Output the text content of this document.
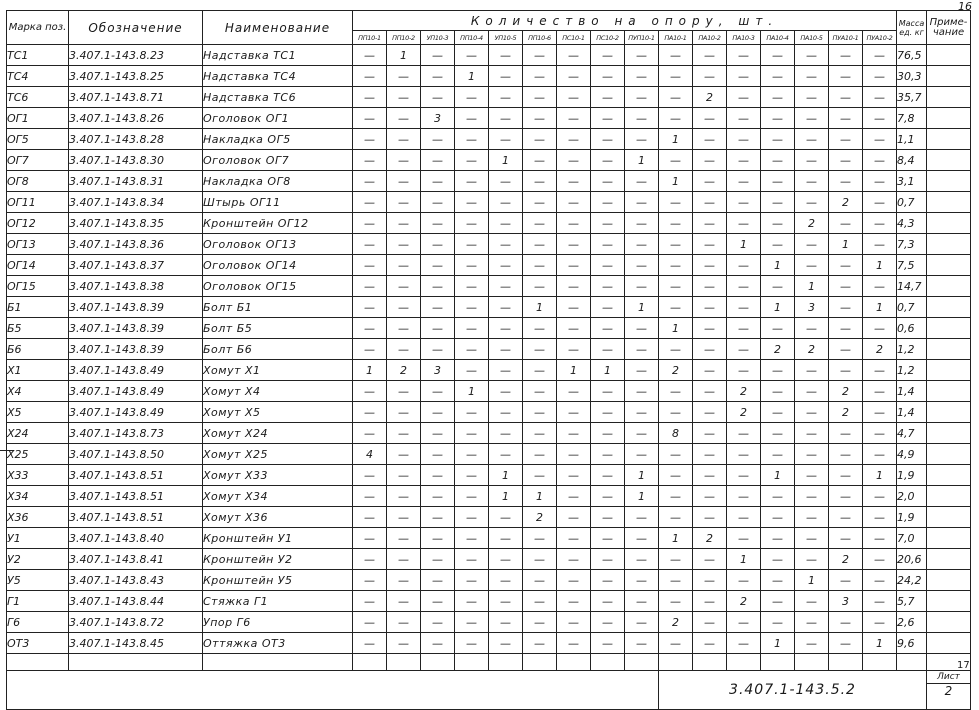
16
Марка поз.	Обозначение	Наименование	Количество на опору, шт.																Масса ед. кг	Приме- чание
			ПП10-1	ПП10-2	УП10-3	ПП10-4	УП10-5	ПП10-6	ПС10-1	ПС10-2	ПУП10-1	ПА10-1	ПА10-2	ПА10-3	ПА10-4	ПА10-5	ПУА10-1	ПУА10-2		
ТС1	3.407.1-143.8.23	Надставка ТС1	—	1	—	—	—	—	—	—	—	—	—	—	—	—	—	—	76,5	
ТС4	3.407.1-143.8.25	Надставка ТС4	—	—	—	1	—	—	—	—	—	—	—	—	—	—	—	—	30,3	
ТС6	3.407.1-143.8.71	Надставка ТС6	—	—	—	—	—	—	—	—	—	—	2	—	—	—	—	—	35,7	
ОГ1	3.407.1-143.8.26	Оголовок ОГ1	—	—	3	—	—	—	—	—	—	—	—	—	—	—	—	—	7,8	
ОГ5	3.407.1-143.8.28	Накладка ОГ5	—	—	—	—	—	—	—	—	—	1	—	—	—	—	—	—	1,1	
ОГ7	3.407.1-143.8.30	Оголовок ОГ7	—	—	—	—	1	—	—	—	1	—	—	—	—	—	—	—	8,4	
ОГ8	3.407.1-143.8.31	Накладка ОГ8	—	—	—	—	—	—	—	—	—	1	—	—	—	—	—	—	3,1	
ОГ11	3.407.1-143.8.34	Штырь ОГ11	—	—	—	—	—	—	—	—	—	—	—	—	—	—	2	—	0,7	
ОГ12	3.407.1-143.8.35	Кронштейн ОГ12	—	—	—	—	—	—	—	—	—	—	—	—	—	2	—	—	4,3	
ОГ13	3.407.1-143.8.36	Оголовок ОГ13	—	—	—	—	—	—	—	—	—	—	—	1	—	—	1	—	7,3	
ОГ14	3.407.1-143.8.37	Оголовок ОГ14	—	—	—	—	—	—	—	—	—	—	—	—	1	—	—	1	7,5	
ОГ15	3.407.1-143.8.38	Оголовок ОГ15	—	—	—	—	—	—	—	—	—	—	—	—	—	1	—	—	14,7	
Б1	3.407.1-143.8.39	Болт Б1	—	—	—	—	—	1	—	—	1	—	—	—	1	3	—	1	0,7	
Б5	3.407.1-143.8.39	Болт Б5	—	—	—	—	—	—	—	—	—	1	—	—	—	—	—	—	0,6	
Б6	3.407.1-143.8.39	Болт Б6	—	—	—	—	—	—	—	—	—	—	—	—	2	2	—	2	1,2	
Х1	3.407.1-143.8.49	Хомут Х1	1	2	3	—	—	—	1	1	—	2	—	—	—	—	—	—	1,2	
Х4	3.407.1-143.8.49	Хомут Х4	—	—	—	1	—	—	—	—	—	—	—	2	—	—	2	—	1,4	
Х5	3.407.1-143.8.49	Хомут Х5	—	—	—	—	—	—	—	—	—	—	—	2	—	—	2	—	1,4	
Х24	3.407.1-143.8.73	Хомут Х24	—	—	—	—	—	—	—	—	—	8	—	—	—	—	—	—	4,7	
Х25	3.407.1-143.8.50	Хомут Х25	4	—	—	—	—	—	—	—	—	—	—	—	—	—	—	—	4,9	
Х33	3.407.1-143.8.51	Хомут Х33	—	—	—	—	1	—	—	—	1	—	—	—	1	—	—	1	1,9	
Х34	3.407.1-143.8.51	Хомут Х34	—	—	—	—	1	1	—	—	1	—	—	—	—	—	—	—	2,0	
Х36	3.407.1-143.8.51	Хомут Х36	—	—	—	—	—	2	—	—	—	—	—	—	—	—	—	—	1,9	
У1	3.407.1-143.8.40	Кронштейн У1	—	—	—	—	—	—	—	—	—	1	2	—	—	—	—	—	7,0	
У2	3.407.1-143.8.41	Кронштейн У2	—	—	—	—	—	—	—	—	—	—	—	1	—	—	2	—	20,6	
У5	3.407.1-143.8.43	Кронштейн У5	—	—	—	—	—	—	—	—	—	—	—	—	—	1	—	—	24,2	
Г1	3.407.1-143.8.44	Стяжка Г1	—	—	—	—	—	—	—	—	—	—	—	2	—	—	3	—	5,7	
Г6	3.407.1-143.8.72	Упор Г6	—	—	—	—	—	—	—	—	—	2	—	—	—	—	—	—	2,6	
ОТ3	3.407.1-143.8.45	Оттяжка ОТ3	—	—	—	—	—	—	—	—	—	—	—	—	1	—	—	1	9,6	

												3.407.1-143.5.2								Лист
2
17
